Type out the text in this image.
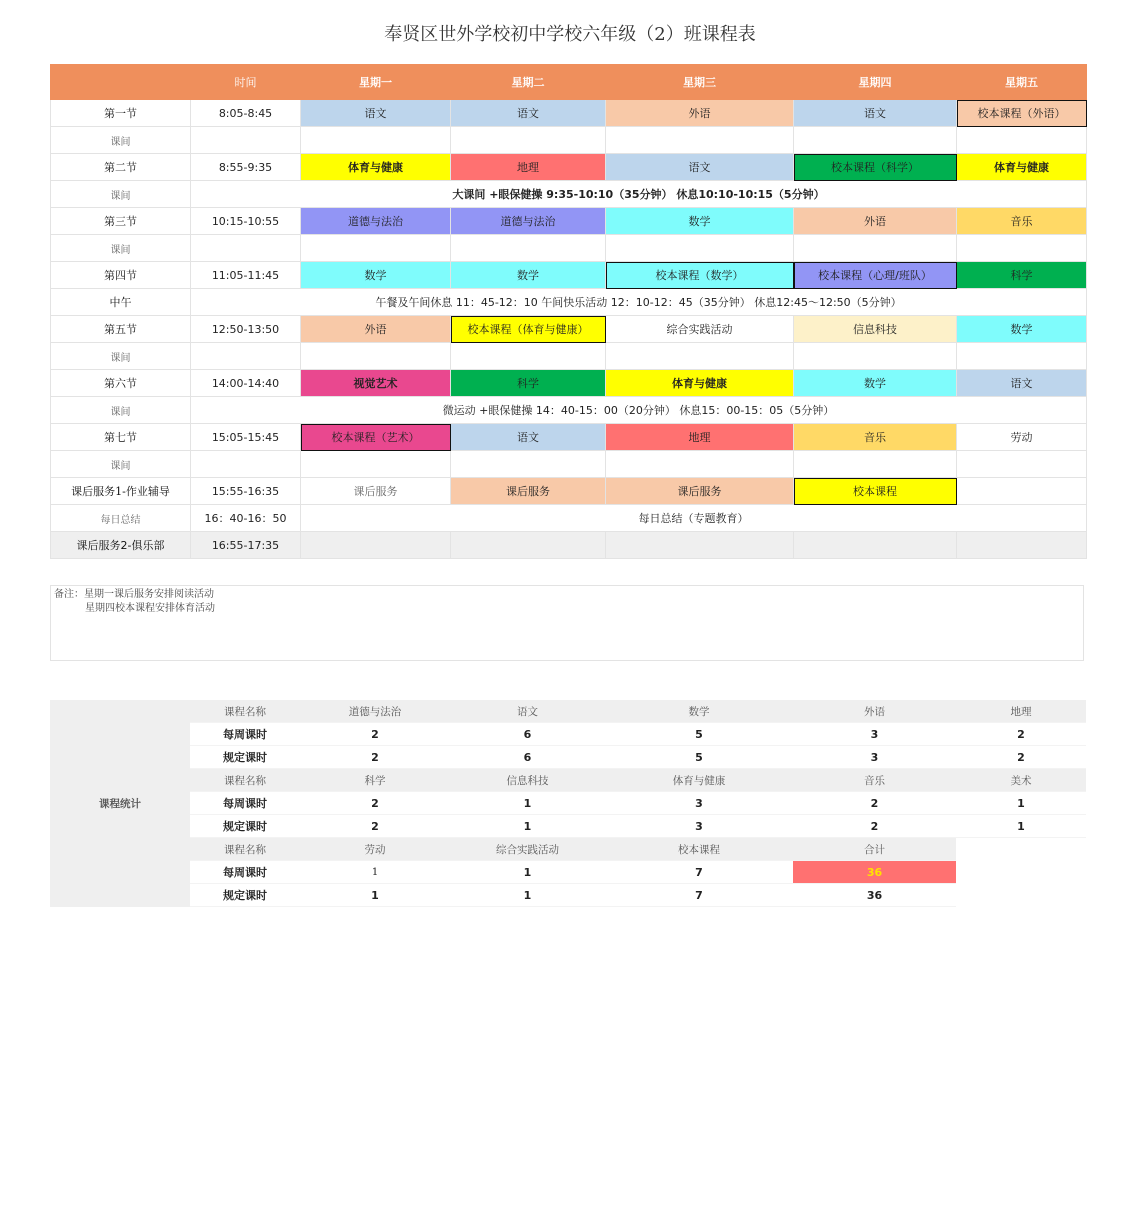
奉贤区世外学校初中学校六年级（2）班课程表
	时间	星期一	星期二	星期三	星期四	星期五
第一节	8:05-8:45	语文	语文	外语	语文	校本课程（外语）
课间						
第二节	8:55-9:35	体育与健康	地理	语文	校本课程（科学）	体育与健康
课间	大课间 +眼保健操 9:35-10:10（35分钟） 休息10:10-10:15（5分钟）					
第三节	10:15-10:55	道德与法治	道德与法治	数学	外语	音乐
课间						
第四节	11:05-11:45	数学	数学	校本课程（数学）	校本课程（心理/班队）	科学
中午	午餐及午间休息 11：45-12：10 午间快乐活动 12：10-12：45（35分钟） 休息12:45～12:50（5分钟）					
第五节	12:50-13:50	外语	校本课程（体育与健康）	综合实践活动	信息科技	数学
课间						
第六节	14:00-14:40	视觉艺术	科学	体育与健康	数学	语文
课间	微运动 +眼保健操 14：40-15：00（20分钟） 休息15：00-15：05（5分钟）					
第七节	15:05-15:45	校本课程（艺术）	语文	地理	音乐	劳动
课间						
课后服务1-作业辅导	15:55-16:35	课后服务	课后服务	课后服务	校本课程	
每日总结	16：40-16：50	每日总结（专题教育）				
课后服务2-俱乐部	16:55-17:35					
备注：星期一课后服务安排阅读活动

星期四校本课程安排体育活动
课程统计	课程名称	道德与法治	语文	数学	外语	地理
	每周课时	2	6	5	3	2
	规定课时	2	6	5	3	2
	课程名称	科学	信息科技	体育与健康	音乐	美术
	每周课时	2	1	3	2	1
	规定课时	2	1	3	2	1
	课程名称	劳动	综合实践活动	校本课程	合计	
	每周课时	1	1	7	36	
	规定课时	1	1	7	36	
